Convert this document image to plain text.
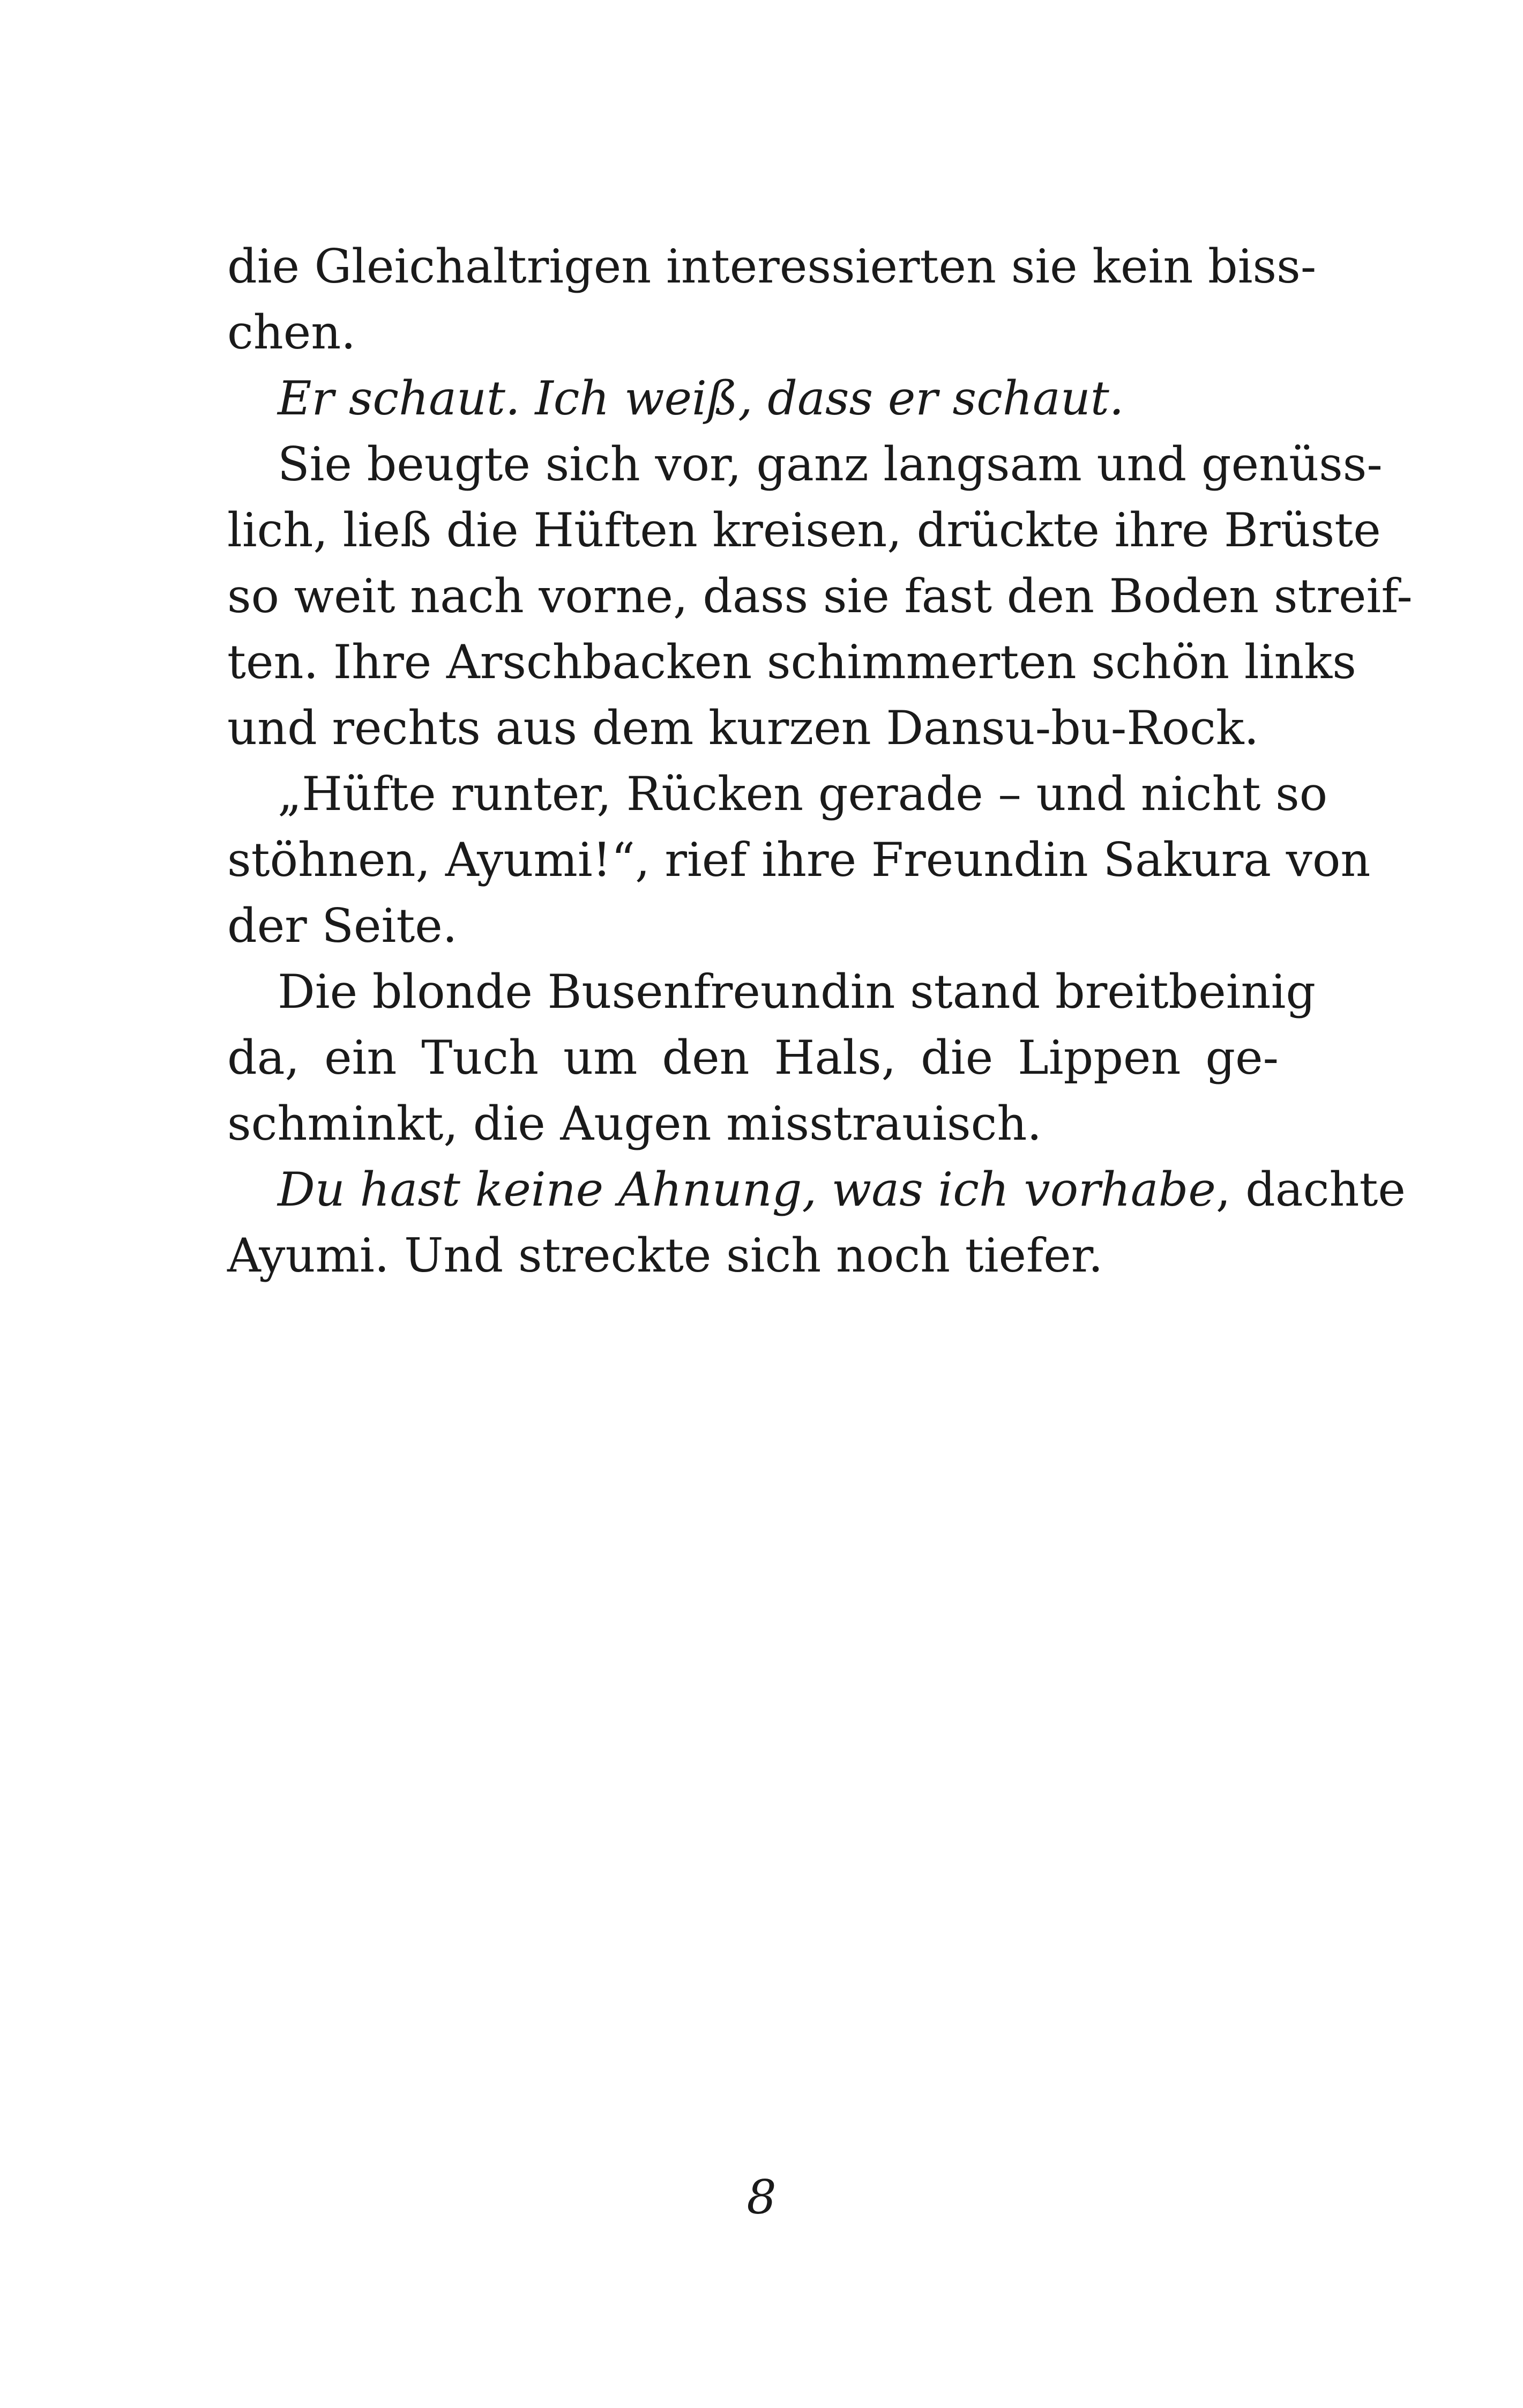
die Gleichaltrigen interessierten sie kein biss-
chen.
Er schaut. Ich weiß, dass er schaut.
Sie beugte sich vor, ganz langsam und genüss-
lich, ließ die Hüften kreisen, drückte ihre Brüste
so weit nach vorne, dass sie fast den Boden streif-
ten. Ihre Arschbacken schimmerten schön links
und rechts aus dem kurzen Dansu-bu-Rock.
„Hüfte runter, Rücken gerade – und nicht so
stöhnen, Ayumi!“, rief ihre Freundin Sakura von
der Seite.
Die blonde Busenfreundin stand breitbeinig
da, ein Tuch um den Hals, die Lippen ge-
schminkt, die Augen misstrauisch.
Du hast keine Ahnung, was ich vorhabe, dachte
Ayumi. Und streckte sich noch tiefer.
8
